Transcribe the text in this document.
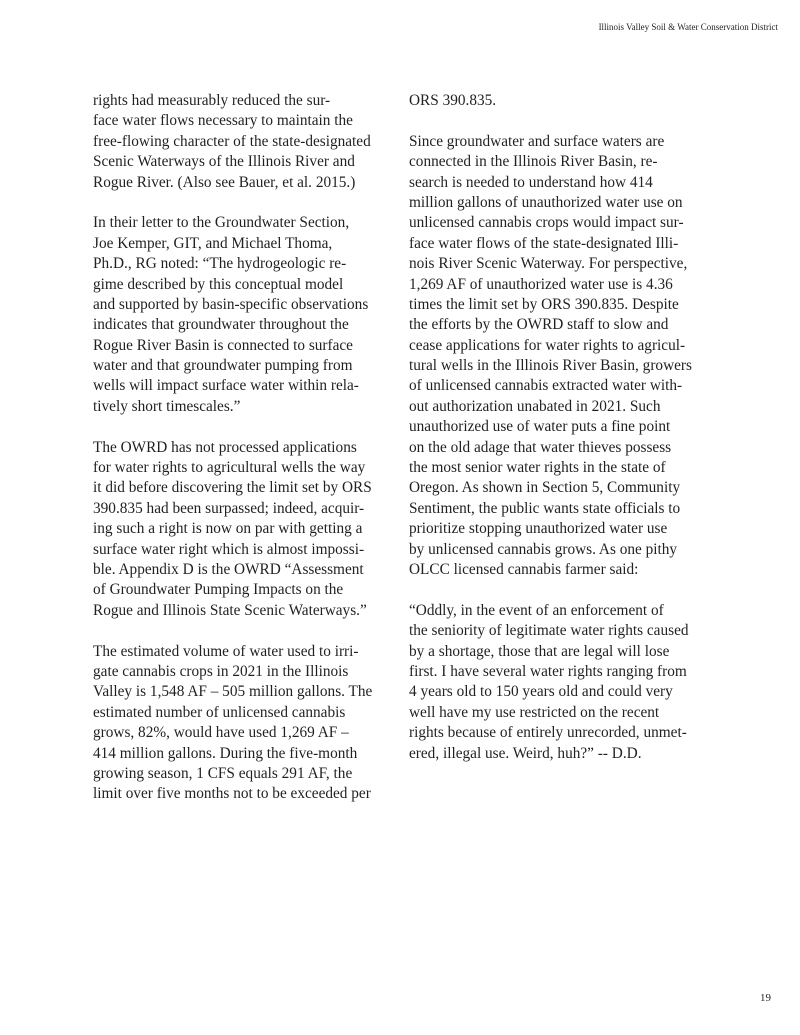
Illinois Valley Soil & Water Conservation District
rights had measurably reduced the sur-
face water flows necessary to maintain the
free-flowing character of the state-designated
Scenic Waterways of the Illinois River and
Rogue River. (Also see Bauer, et al. 2015.)
In their letter to the Groundwater Section,
Joe Kemper, GIT, and Michael Thoma,
Ph.D., RG noted: “The hydrogeologic re-
gime described by this conceptual model
and supported by basin-specific observations
indicates that groundwater throughout the
Rogue River Basin is connected to surface
water and that groundwater pumping from
wells will impact surface water within rela-
tively short timescales.”
The OWRD has not processed applications
for water rights to agricultural wells the way
it did before discovering the limit set by ORS
390.835 had been surpassed; indeed, acquir-
ing such a right is now on par with getting a
surface water right which is almost impossi-
ble. Appendix D is the OWRD “Assessment
of Groundwater Pumping Impacts on the
Rogue and Illinois State Scenic Waterways.”
The estimated volume of water used to irri-
gate cannabis crops in 2021 in the Illinois
Valley is 1,548 AF – 505 million gallons. The
estimated number of unlicensed cannabis
grows, 82%, would have used 1,269 AF –
414 million gallons. During the five-month
growing season, 1 CFS equals 291 AF, the
limit over five months not to be exceeded per
ORS 390.835.
Since groundwater and surface waters are
connected in the Illinois River Basin, re-
search is needed to understand how 414
million gallons of unauthorized water use on
unlicensed cannabis crops would impact sur-
face water flows of the state-designated Illi-
nois River Scenic Waterway. For perspective,
1,269 AF of unauthorized water use is 4.36
times the limit set by ORS 390.835. Despite
the efforts by the OWRD staff to slow and
cease applications for water rights to agricul-
tural wells in the Illinois River Basin, growers
of unlicensed cannabis extracted water with-
out authorization unabated in 2021. Such
unauthorized use of water puts a fine point
on the old adage that water thieves possess
the most senior water rights in the state of
Oregon. As shown in Section 5, Community
Sentiment, the public wants state officials to
prioritize stopping unauthorized water use
by unlicensed cannabis grows. As one pithy
OLCC licensed cannabis farmer said:
“Oddly, in the event of an enforcement of
the seniority of legitimate water rights caused
by a shortage, those that are legal will lose
first. I have several water rights ranging from
4 years old to 150 years old and could very
well have my use restricted on the recent
rights because of entirely unrecorded, unmet-
ered, illegal use. Weird, huh?” -- D.D.
19
